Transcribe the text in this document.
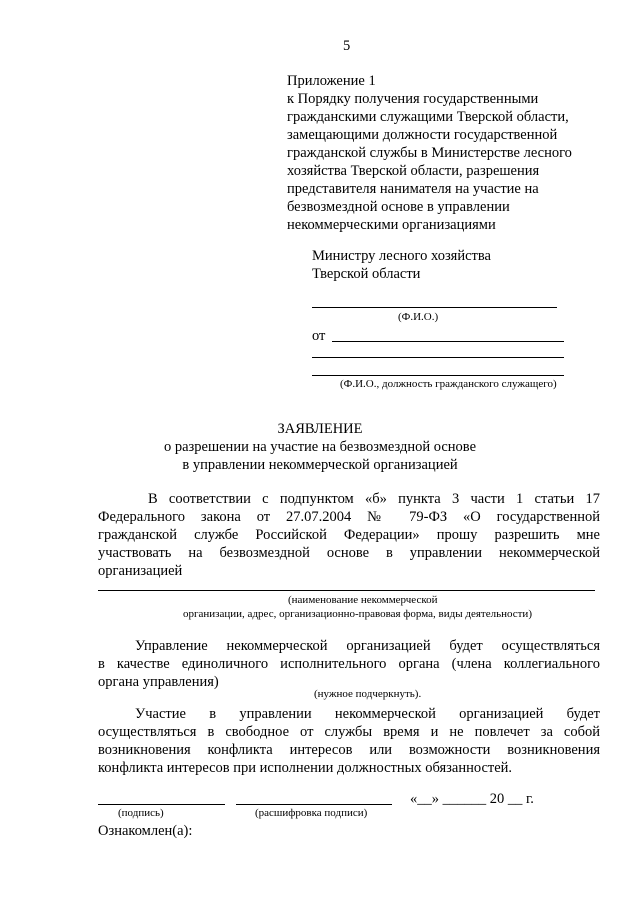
5
Приложение 1
к Порядку получения государственными
гражданскими служащими Тверской области,
замещающими должности государственной
гражданской службы в Министерстве лесного
хозяйства Тверской области, разрешения
представителя нанимателя на участие на
безвозмездной основе в управлении
некоммерческими организациями
Министру лесного хозяйства
Тверской области
(Ф.И.О.)
от
(Ф.И.О., должность гражданского служащего)
ЗАЯВЛЕНИЕ
о разрешении на участие на безвозмездной основе
в управлении некоммерческой организацией
В соответствии с подпунктом «б» пункта 3 части 1 статьи 17
Федерального закона от 27.07.2004 № 79-ФЗ «О государственной
гражданской службе Российской Федерации» прошу разрешить мне
участвовать на безвозмездной основе в управлении некоммерческой
организацией
(наименование некоммерческой
организации, адрес, организационно-правовая форма, виды деятельности)
Управление некоммерческой организацией будет осуществляться
в качестве единоличного исполнительного органа (члена коллегиального
органа управления)
(нужное подчеркнуть).
Участие в управлении некоммерческой организацией будет
осуществляться в свободное от службы время и не повлечет за собой
возникновения конфликта интересов или возможности возникновения
конфликта интересов при исполнении должностных обязанностей.
«__» ______ 20 __ г.
(подпись)	(расшифровка подписи)
Ознакомлен(а):
